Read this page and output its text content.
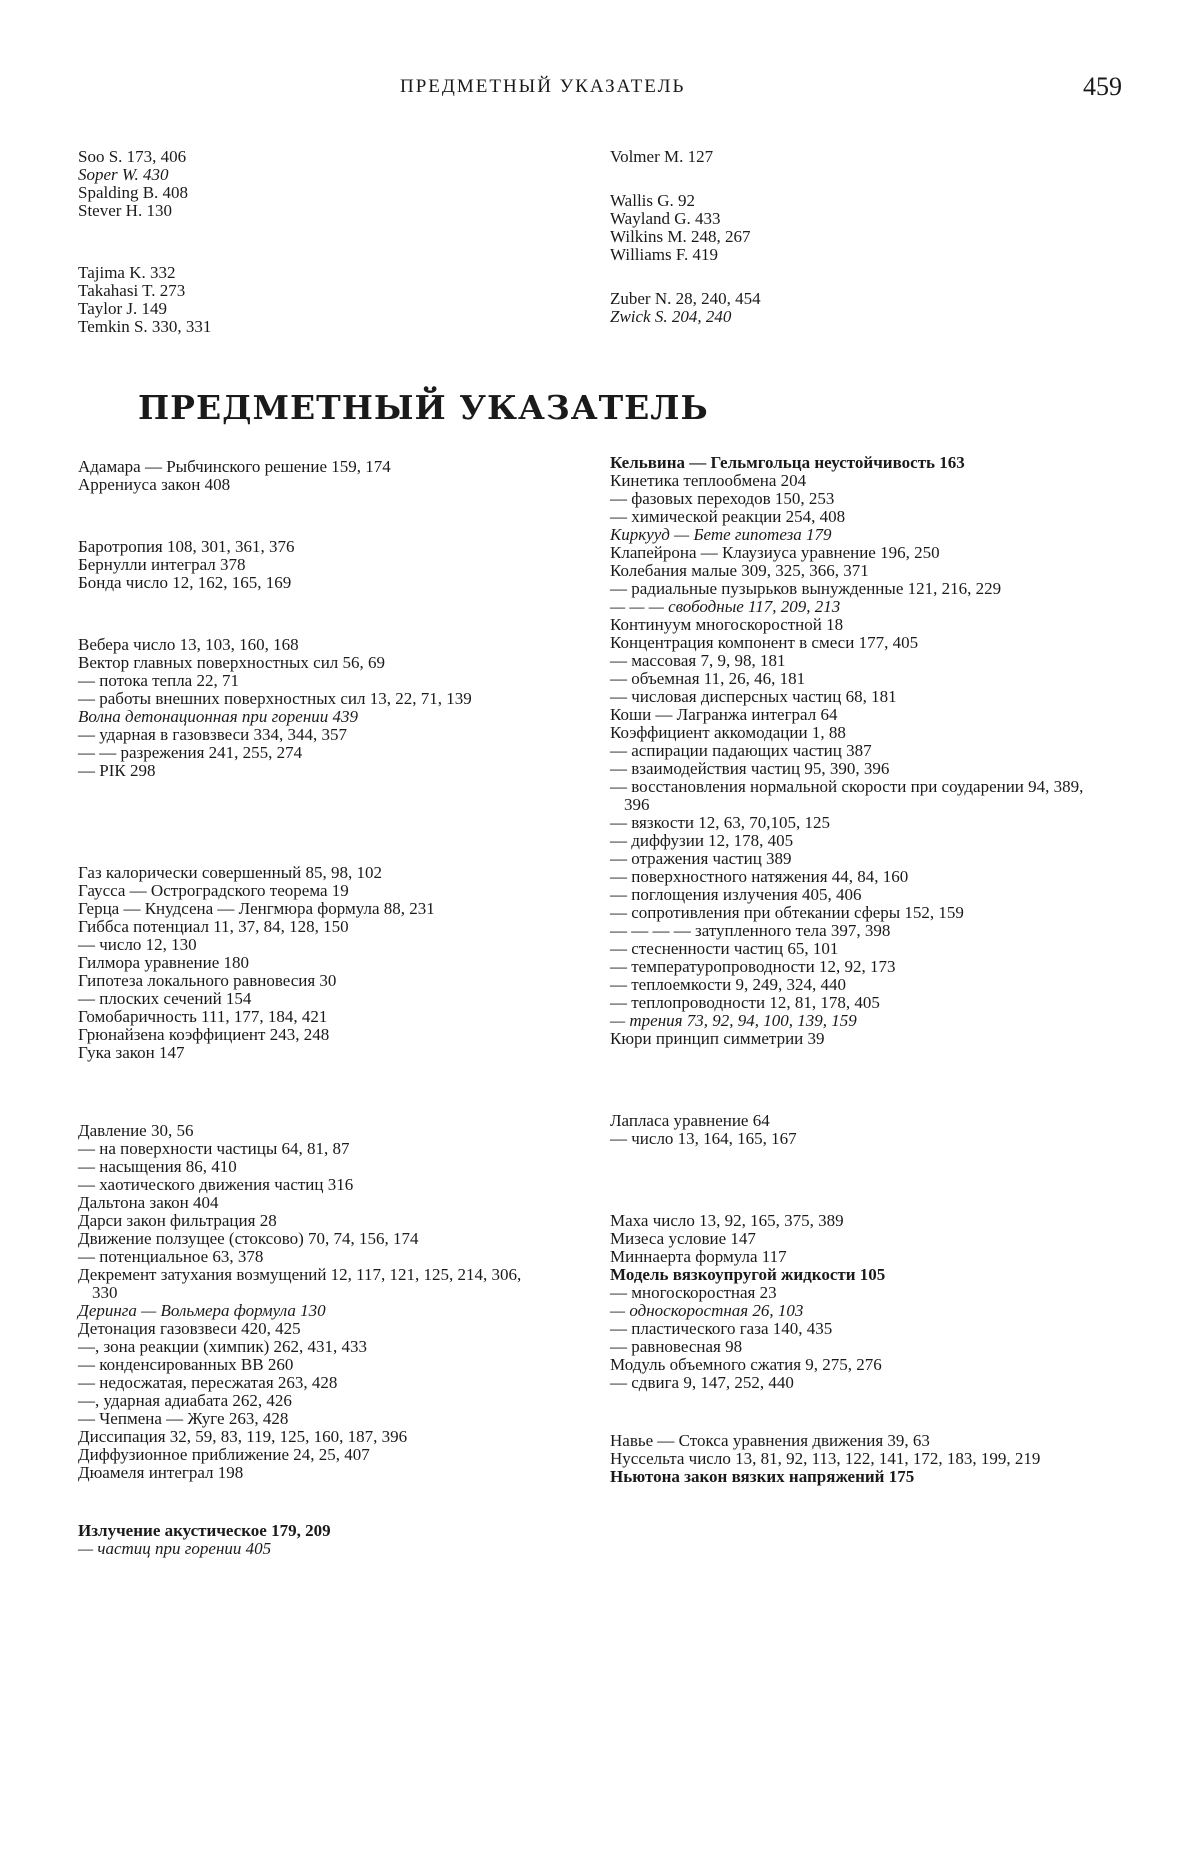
ПРЕДМЕТНЫЙ УКАЗАТЕЛЬ	459

Soo S. 173, 406

Soper W. 430

Spalding B. 408

Stever H. 130

Tajima K. 332

Takahasi T. 273

Taylor J. 149

Temkin S. 330, 331

Volmer M. 127

Wallis G. 92

Wayland G. 433

Wilkins M. 248, 267

Williams F. 419

Zuber N. 28, 240, 454

Zwick S. 204, 240

ПРЕДМЕТНЫЙ УКАЗАТЕЛЬ

Адамара — Рыбчинского решение 159, 174

Аррениуса закон 408

Баротропия 108, 301, 361, 376

Бернулли интеграл 378

Бонда число 12, 162, 165, 169

Вебера число 13, 103, 160, 168

Вектор главных поверхностных сил 56, 69

— потока тепла 22, 71

— работы внешних поверхностных сил 13, 22, 71, 139

Волна детонационная при горении 439

— ударная в газовзвеси 334, 344, 357

— — разрежения 241, 255, 274

— РІК 298

Газ калорически совершенный 85, 98, 102

Гаусса — Остроградского теорема 19

Герца — Кнудсена — Ленгмюра формула 88, 231

Гиббса потенциал 11, 37, 84, 128, 150

— число 12, 130

Гилмора уравнение 180

Гипотеза локального равновесия 30

— плоских сечений 154

Гомобаричность 111, 177, 184, 421

Грюнайзена коэффициент 243, 248

Гука закон 147

Давление 30, 56

— на поверхности частицы 64, 81, 87

— насыщения 86, 410

— хаотического движения частиц 316

Дальтона закон 404

Дарси закон фильтрация 28

Движение ползущее (стоксово) 70, 74, 156, 174

— потенциальное 63, 378

Декремент затухания возмущений 12, 117, 121, 125, 214, 306, 330

Деринга — Вольмера формула 130

Детонация газовзвеси 420, 425

—, зона реакции (химпик) 262, 431, 433

— конденсированных ВВ 260

— недосжатая, пересжатая 263, 428

—, ударная адиабата 262, 426

— Чепмена — Жуге 263, 428

Диссипация 32, 59, 83, 119, 125, 160, 187, 396

Диффузионное приближение 24, 25, 407

Дюамеля интеграл 198

Излучение акустическое 179, 209

— частиц при горении 405

Кельвина — Гельмгольца неустойчивость 163

Кинетика теплообмена 204

— фазовых переходов 150, 253

— химической реакции 254, 408

Киркууд — Бете гипотеза 179

Клапейрона — Клаузиуса уравнение 196, 250

Колебания малые 309, 325, 366, 371

— радиальные пузырьков вынужденные 121, 216, 229

— — — свободные 117, 209, 213

Континуум многоскоростной 18

Концентрация компонент в смеси 177, 405

— массовая 7, 9, 98, 181

— объемная 11, 26, 46, 181

— числовая дисперсных частиц 68, 181

Коши — Лагранжа интеграл 64

Коэффициент аккомодации 1, 88

— аспирации падающих частиц 387

— взаимодействия частиц 95, 390, 396

— восстановления нормальной скорости при соударении 94, 389, 396

— вязкости 12, 63, 70,105, 125

— диффузии 12, 178, 405

— отражения частиц 389

— поверхностного натяжения 44, 84, 160

— поглощения излучения 405, 406

— сопротивления при обтекании сферы 152, 159

— — — — затупленного тела 397, 398

— стесненности частиц 65, 101

— температуропроводности 12, 92, 173

— теплоемкости 9, 249, 324, 440

— теплопроводности 12, 81, 178, 405

— трения 73, 92, 94, 100, 139, 159

Кюри принцип симметрии 39

Лапласа уравнение 64

— число 13, 164, 165, 167

Маха число 13, 92, 165, 375, 389

Мизеса условие 147

Миннаерта формула 117

Модель вязкоупругой жидкости 105

— многоскоростная 23

— односкоростная 26, 103

— пластического газа 140, 435

— равновесная 98

Модуль объемного сжатия 9, 275, 276

— сдвига 9, 147, 252, 440

Навье — Стокса уравнения движения 39, 63

Нуссельта число 13, 81, 92, 113, 122, 141, 172, 183, 199, 219

Ньютона закон вязких напряжений 175
